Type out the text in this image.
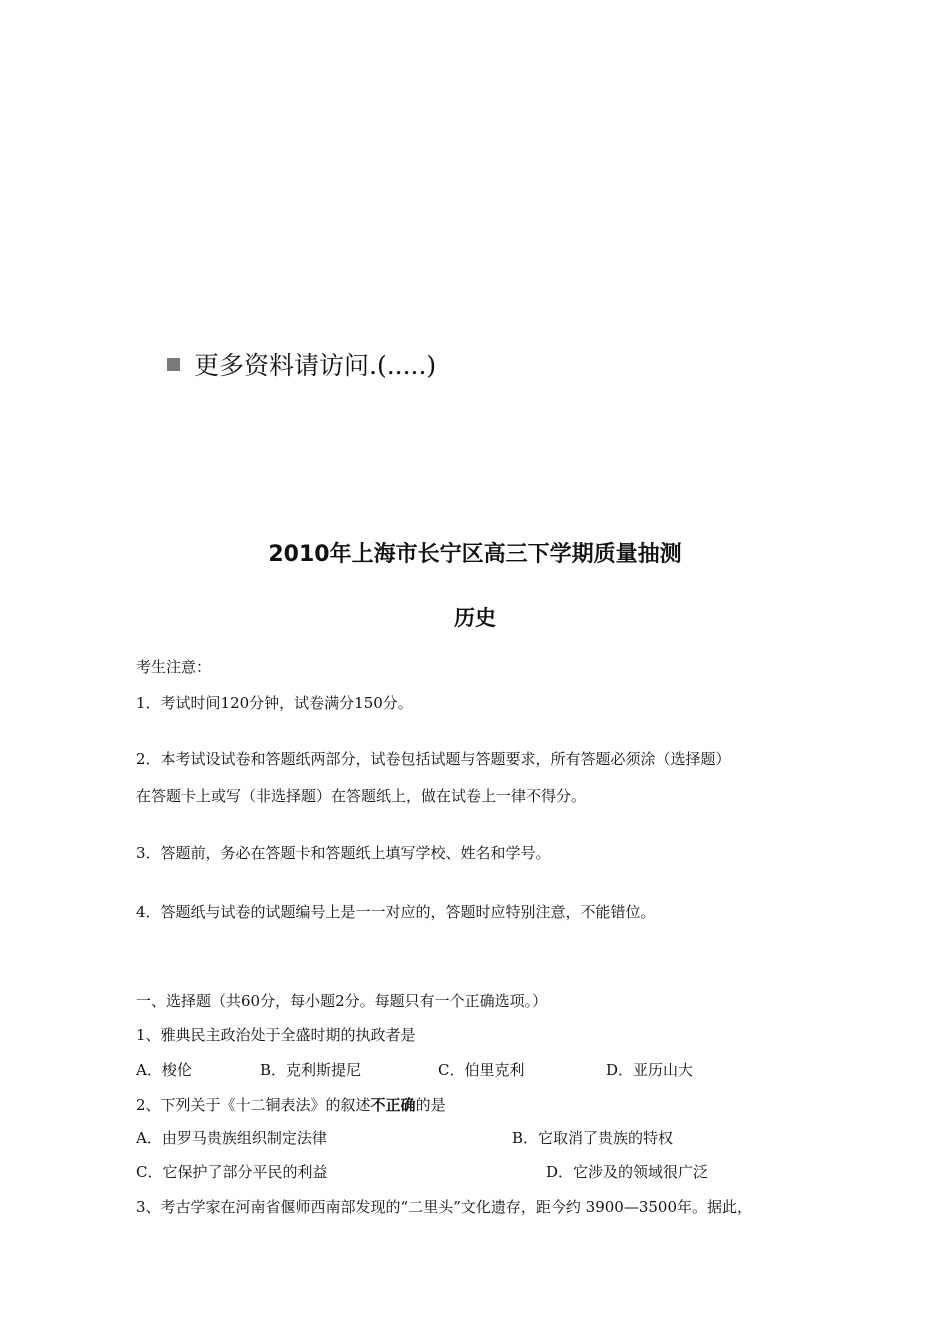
更多资料请访问.(.....)
2010年上海市长宁区高三下学期质量抽测
历史
考生注意：
1．考试时间120分钟，试卷满分150分。
2．本考试设试卷和答题纸两部分，试卷包括试题与答题要求，所有答题必须涂（选择题）
在答题卡上或写（非选择题）在答题纸上，做在试卷上一律不得分。
3．答题前，务必在答题卡和答题纸上填写学校、姓名和学号。
4．答题纸与试卷的试题编号上是一一对应的，答题时应特别注意，不能错位。
一、选择题（共60分，每小题2分。每题只有一个正确选项。）
1、雅典民主政治处于全盛时期的执政者是
A．梭伦	B．克利斯提尼	C．伯里克利	D．亚历山大
2、下列关于《十二铜表法》的叙述不正确的是
A．由罗马贵族组织制定法律	B．它取消了贵族的特权
C．它保护了部分平民的利益	D．它涉及的领域很广泛
3、考古学家在河南省偃师西南部发现的“二里头”文化遗存，距今约 3900—3500年。据此，
